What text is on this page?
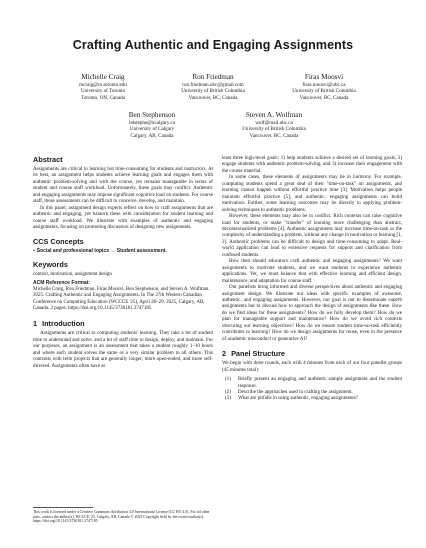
Crafting Authentic and Engaging Assignments
Michelle Craig
mcraig@cs.toronto.edu
University of Toronto
Toronto, ON, Canada
Ron Friedman
ron.friedman.ubc@gmail.com
University of British Columbia
Vancouver, BC, Canada
Firas Moosvi
firas.moosvi@ubc.ca
University of British Columbia
Vancouver, BC, Canada
Ben Stephenson
bdstephe@ucalgary.ca
University of Calgary
Calgary, AB, Canada
Steven A. Wolfman
wolf@mail.ubc.ca
University of British Columbia
Vancouver, BC, Canada
Abstract

Assignments are critical to learning but time-consuming for students and instructors. At its best, an assignment helps students achieve learning goals and engages them with authentic problem-solving and with the course, yet remains manageable in terms of student and course staff workload. Unfortunately, these goals may conflict. Authentic and engaging assignments may impose significant cognitive load on students. For course staff, these assessments can be difficult to conceive, develop, and maintain.

In this panel, assignment design experts reflect on how to craft assignments that are authentic and engaging, yet balance these with consideration for student learning and course staff workload. We illustrate with examples of authentic and engaging assignments, focusing on promoting discussion of designing new assignments.

CCS Concepts
• Social and professional topics → Student assessment.
Keywords

context, motivation, assignment design

ACM Reference Format:

Michelle Craig, Ron Friedman, Firas Moosvi, Ben Stephenson, and Steven A. Wolfman. 2025. Crafting Authentic and Engaging Assignments. In The 27th Western Canadian Conference on Computing Education (WCCCE '25), April 28–29, 2025, Calgary, AB, Canada. 2 pages. https://doi.org/10.1145/3736181.3747185

1 Introduction

Assignments are critical to computing students' learning. They take a lot of student time to understand and solve, and a lot of staff time to design, deploy, and maintain. For our purposes, an assignment is an assessment that takes a student roughly 1–10 hours and where each student solves the same or a very similar problem to all others. This contrasts with term projects that are generally longer, more open-ended, and more self-directed. Assignments often have at

This work is licensed under a Creative Commons Attribution 4.0 International License (CC BY 4.0). For all other uses, contact the author(s). WCCCE '25, Calgary, AB, Canada © 2025 Copyright held by the owner/author(s). https://doi.org/10.1145/3736181.3747185

least three high-level goals: 1) help students achieve a desired set of learning goals, 2) engage students with authentic problem-solving, and 3) increase their engagement with the course material.

In some cases, these elements of assignments may be in harmony. For example, computing students spend a great deal of their "time-on-task" on assignments, and learning cannot happen without effortful practice time [3]. Motivation helps people maintain effortful practice [5], and authentic, engaging assignments can build motivation. Further, some learning outcomes may be directly to applying problem-solving techniques to authentic problems.

However, these elements may also be in conflict. Rich contexts can raise cognitive load for students, or make "transfer" of learning more challenging than abstract, decontextualized problems [4]. Authentic assignments may increase time-on-task or the complexity of understanding a problem, without any change in motivation or learning [1, 2]. Authentic problems can be difficult to design and time-consuming to adapt. Real-world application can lead to extensive requests for support and clarification from confused students.

How then should educators craft authentic and engaging assignments? We want assignments to motivate students, and we want students to experience authentic applications. Yet, we must balance that with effective learning and efficient design, maintenance, and adaptation for course staff.

Our panelists bring informed and diverse perspectives about authentic and engaging assignment design. We illustrate our ideas with specific examples of awesome, authentic, and engaging assignments. However, our goal is not to disseminate superb assignments but to discuss how to approach the design of assignments like these. How do we find ideas for these assignments? How do we fully develop them? How do we plan for manageable support and maintenance? How do we avoid rich contexts obscuring our learning objectives? How do we ensure student time-on-task efficiently contributes to learning? How do we design assignments for reuse, even in the presence of academic misconduct or generative AI?

2 Panel Structure

We begin with three rounds, each with 4 minutes from each of our four panelist groups (45 minutes total):

(1)	Briefly present an engaging and authentic sample assignment and the student response.
(2)	Describe the approaches used in crafting the assignment.
(3)	What are pitfalls in using authentic, engaging assignments?
